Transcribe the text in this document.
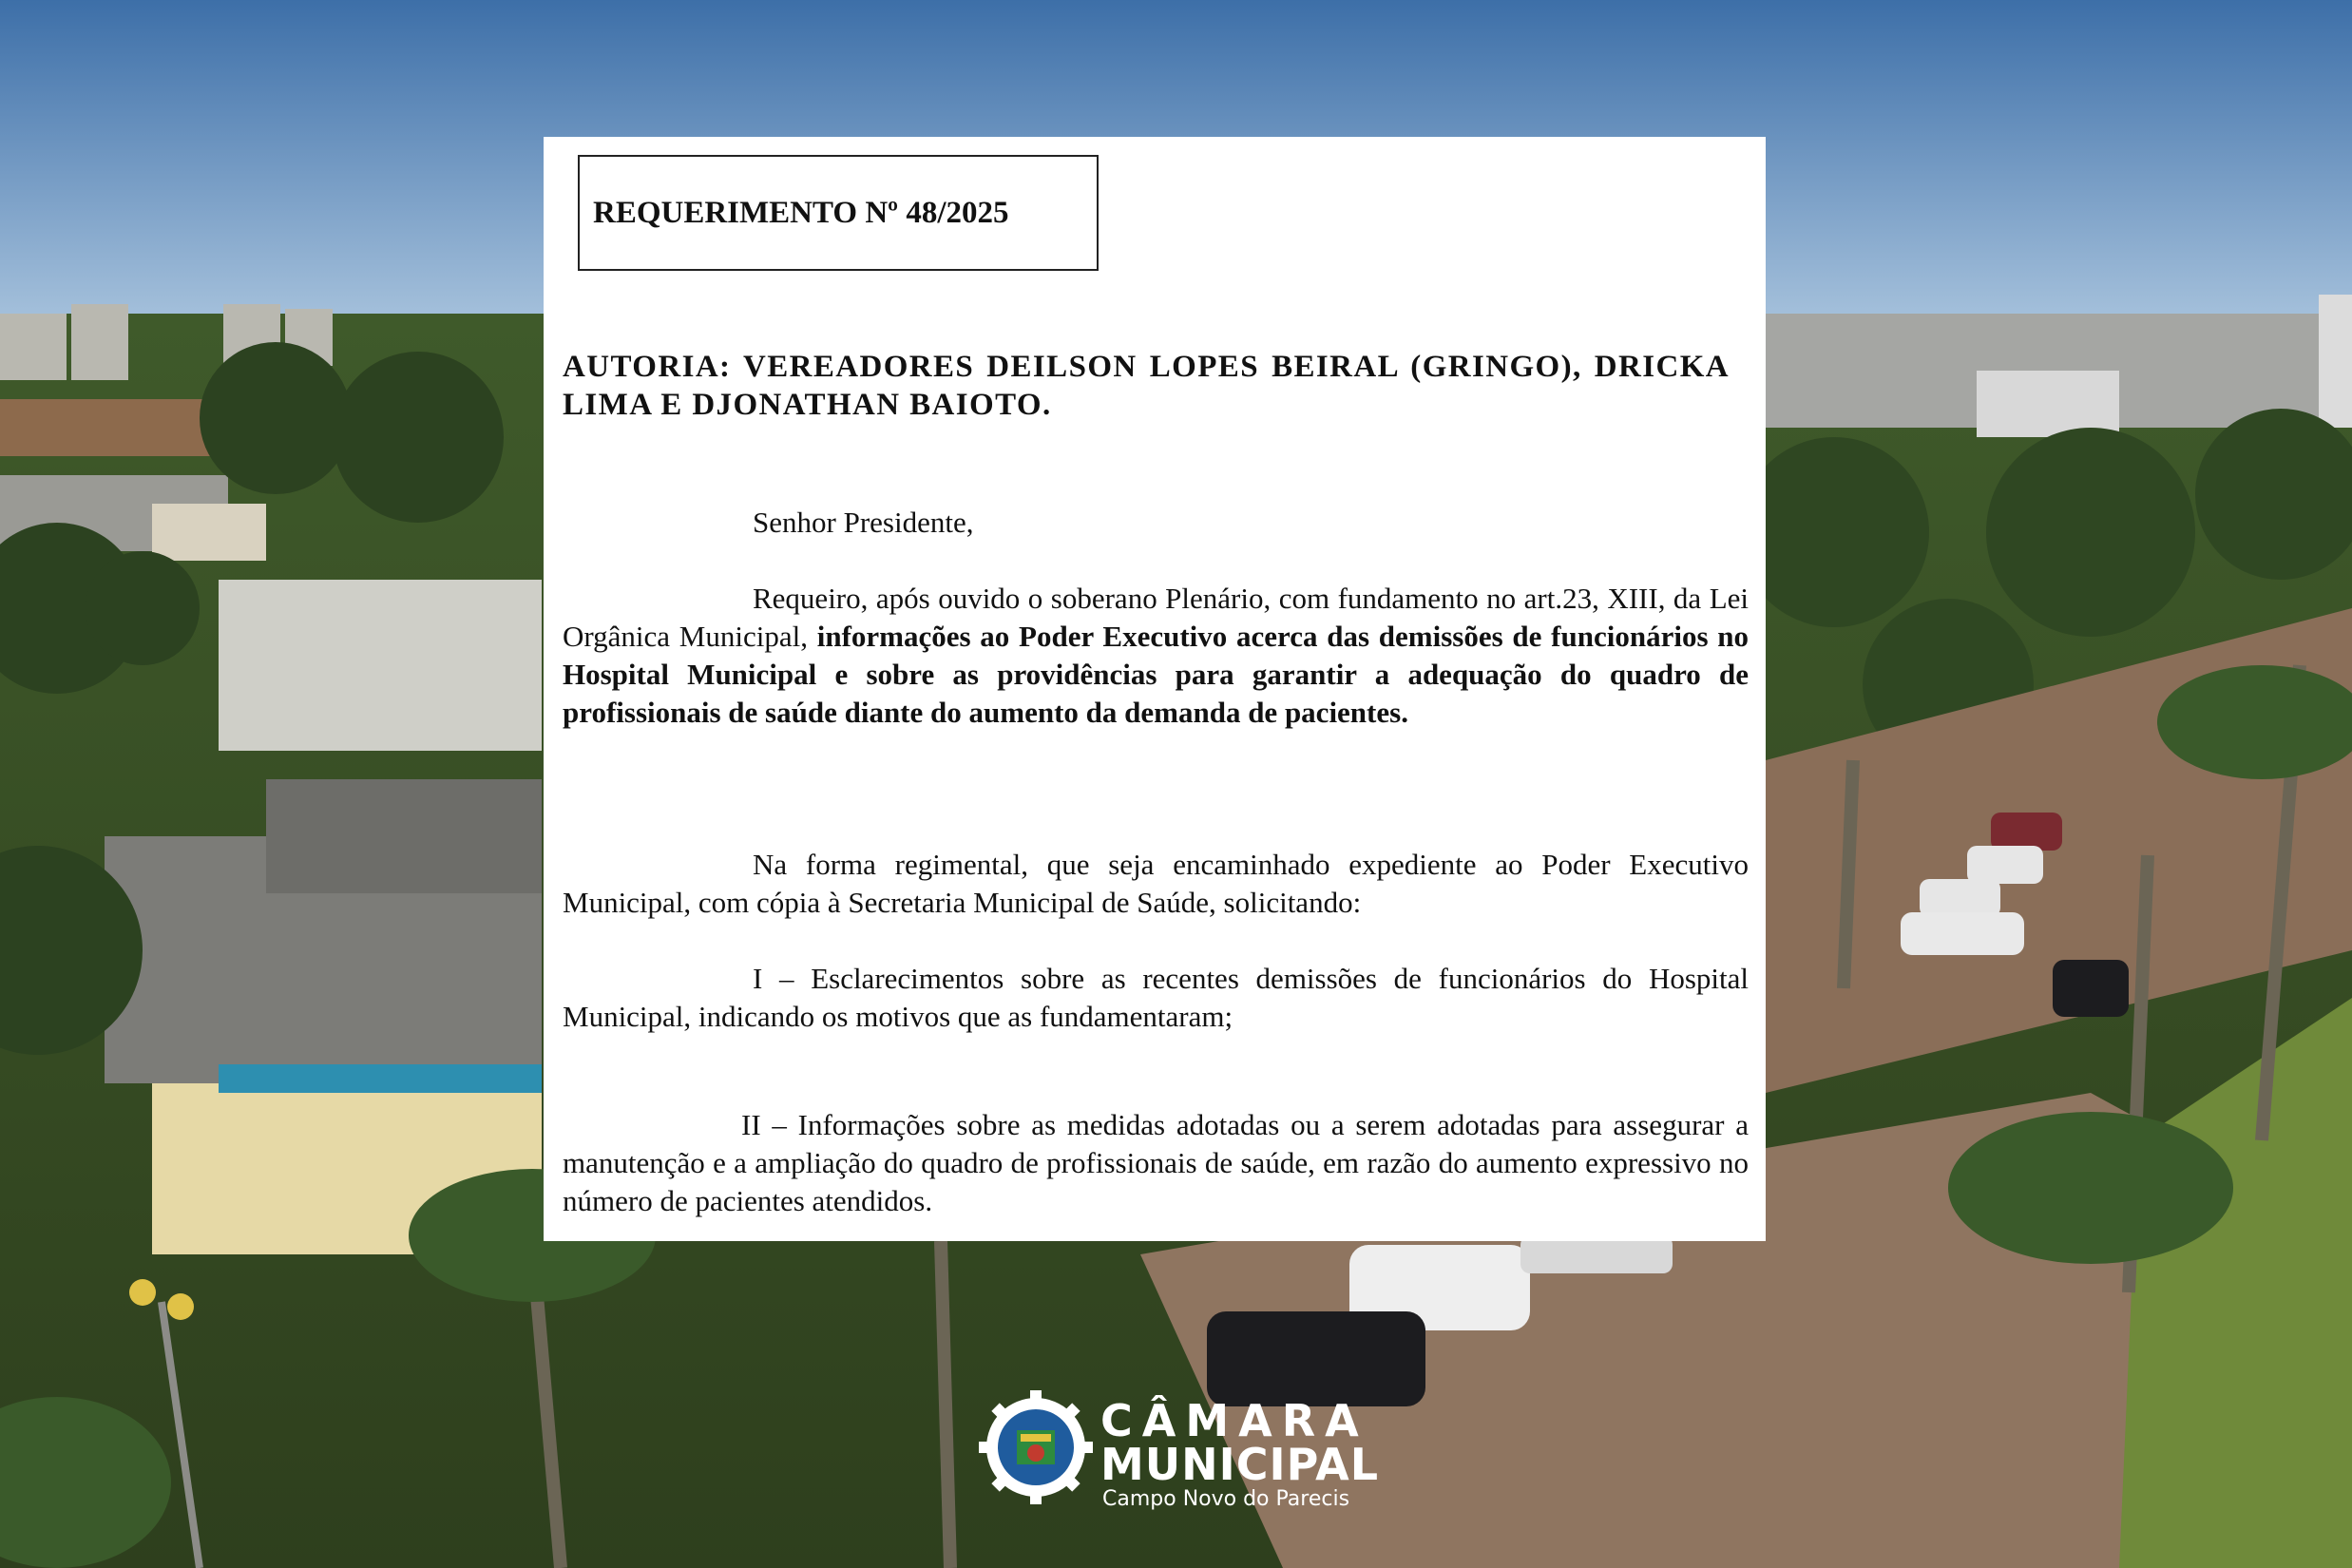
REQUERIMENTO Nº 48/2025
AUTORIA: VEREADORES DEILSON LOPES BEIRAL (GRINGO), DRICKA LIMA E DJONATHAN BAIOTO.
Senhor Presidente,
Requeiro, após ouvido o soberano Plenário, com fundamento no art.23, XIII, da Lei Orgânica Municipal, informações ao Poder Executivo acerca das demissões de funcionários no Hospital Municipal e sobre as providências para garantir a adequação do quadro de profissionais de saúde diante do aumento da demanda de pacientes.
Na forma regimental, que seja encaminhado expediente ao Poder Executivo Municipal, com cópia à Secretaria Municipal de Saúde, solicitando:
I – Esclarecimentos sobre as recentes demissões de funcionários do Hospital Municipal, indicando os motivos que as fundamentaram;
II – Informações sobre as medidas adotadas ou a serem adotadas para assegurar a manutenção e a ampliação do quadro de profissionais de saúde, em razão do aumento expressivo no número de pacientes atendidos.
CÂMARA
MUNICIPAL
Campo Novo do Parecis
